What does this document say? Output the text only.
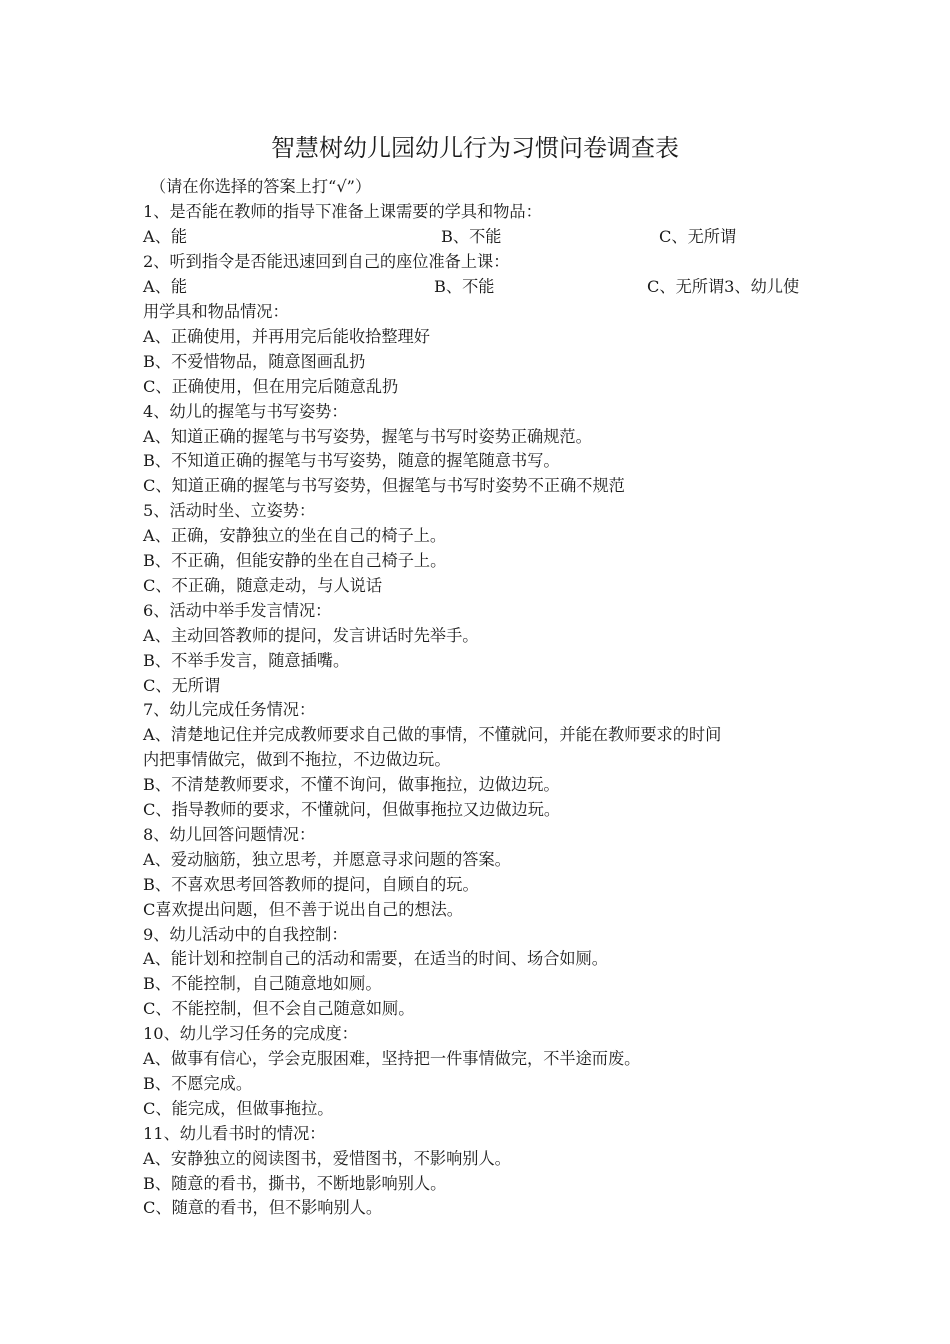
智慧树幼儿园幼儿行为习惯问卷调查表
（请在你选择的答案上打“√”）
1、是否能在教师的指导下准备上课需要的学具和物品：
A、能	B、不能	C、无所谓
2、听到指令是否能迅速回到自己的座位准备上课：
A、能	B、不能	C、无所谓3、幼儿使
用学具和物品情况：
A、正确使用，并再用完后能收拾整理好
B、不爱惜物品，随意图画乱扔
C、正确使用，但在用完后随意乱扔
4、幼儿的握笔与书写姿势：
A、知道正确的握笔与书写姿势，握笔与书写时姿势正确规范。
B、不知道正确的握笔与书写姿势，随意的握笔随意书写。
C、知道正确的握笔与书写姿势，但握笔与书写时姿势不正确不规范
5、活动时坐、立姿势：
A、正确，安静独立的坐在自己的椅子上。
B、不正确，但能安静的坐在自己椅子上。
C、不正确，随意走动，与人说话
6、活动中举手发言情况：
A、主动回答教师的提问，发言讲话时先举手。
B、不举手发言，随意插嘴。
C、无所谓
7、幼儿完成任务情况：
A、清楚地记住并完成教师要求自己做的事情，不懂就问，并能在教师要求的时间
内把事情做完，做到不拖拉，不边做边玩。
B、不清楚教师要求，不懂不询问，做事拖拉，边做边玩。
C、指导教师的要求，不懂就问，但做事拖拉又边做边玩。
8、幼儿回答问题情况：
A、爱动脑筋，独立思考，并愿意寻求问题的答案。
B、不喜欢思考回答教师的提问，自顾自的玩。
C喜欢提出问题，但不善于说出自己的想法。
9、幼儿活动中的自我控制：
A、能计划和控制自己的活动和需要，在适当的时间、场合如厕。
B、不能控制，自己随意地如厕。
C、不能控制，但不会自己随意如厕。
10、幼儿学习任务的完成度：
A、做事有信心，学会克服困难，坚持把一件事情做完，不半途而废。
B、不愿完成。
C、能完成，但做事拖拉。
11、幼儿看书时的情况：
A、安静独立的阅读图书，爱惜图书，不影响别人。
B、随意的看书，撕书，不断地影响别人。
C、随意的看书，但不影响别人。
